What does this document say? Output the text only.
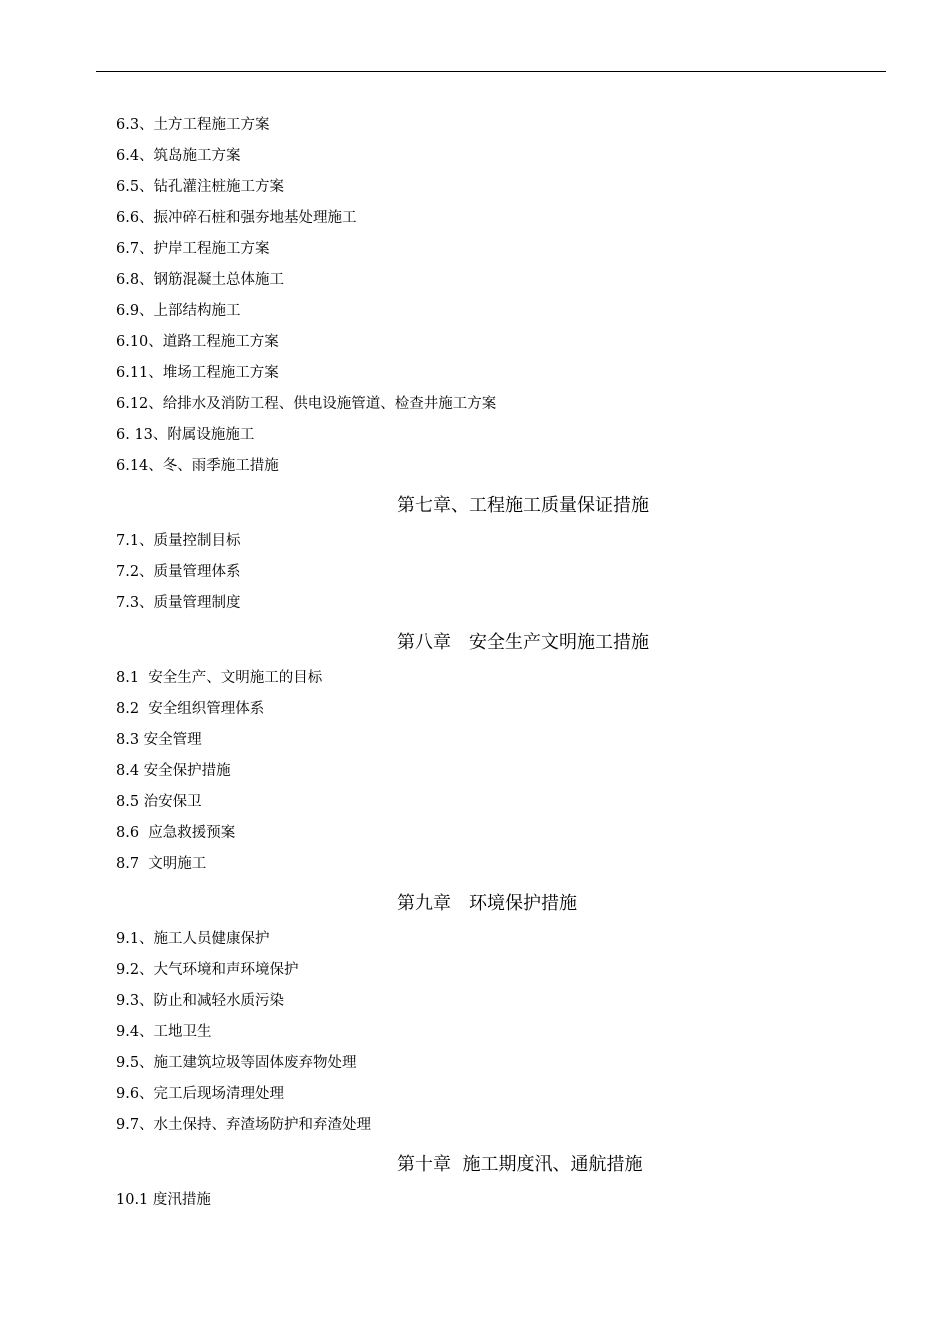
6.3、土方工程施工方案
6.4、筑岛施工方案
6.5、钻孔灌注桩施工方案
6.6、振冲碎石桩和强夯地基处理施工
6.7、护岸工程施工方案
6.8、钢筋混凝土总体施工
6.9、上部结构施工
6.10、道路工程施工方案
6.11、堆场工程施工方案
6.12、给排水及消防工程、供电设施管道、检查井施工方案
6. 13、附属设施施工
6.14、冬、雨季施工措施
第七章、工程施工质量保证措施
7.1、质量控制目标
7.2、质量管理体系
7.3、质量管理制度
第八章　安全生产文明施工措施
8.1  安全生产、文明施工的目标
8.2  安全组织管理体系
8.3 安全管理
8.4 安全保护措施
8.5 治安保卫
8.6  应急救援预案
8.7  文明施工
第九章　环境保护措施
9.1、施工人员健康保护
9.2、大气环境和声环境保护
9.3、防止和减轻水质污染
9.4、工地卫生
9.5、施工建筑垃圾等固体废弃物处理
9.6、完工后现场清理处理
9.7、水土保持、弃渣场防护和弃渣处理
第十章  施工期度汛、通航措施
10.1 度汛措施
